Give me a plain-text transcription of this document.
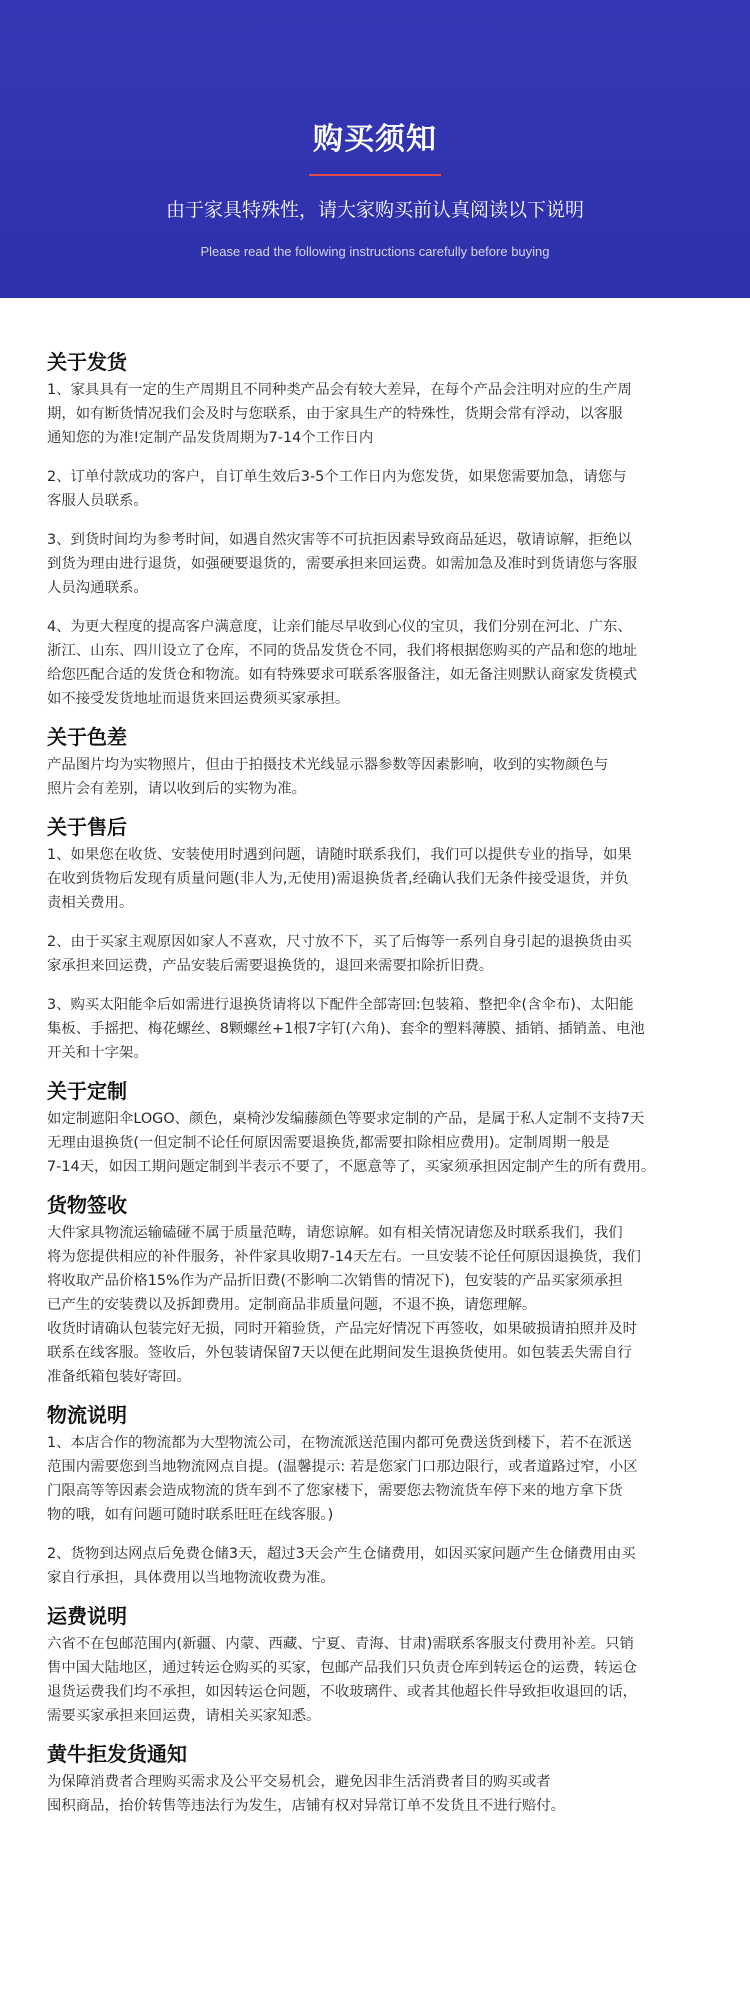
购买须知
由于家具特殊性，请大家购买前认真阅读以下说明
Please read the following instructions carefully before buying
关于发货

1、家具具有一定的生产周期且不同种类产品会有较大差异，在每个产品会注明对应的生产周
期，如有断货情况我们会及时与您联系，由于家具生产的特殊性，货期会常有浮动，以客服
通知您的为准!定制产品发货周期为7-14个工作日内

2、订单付款成功的客户，自订单生效后3-5个工作日内为您发货，如果您需要加急，请您与
客服人员联系。

3、到货时间均为参考时间，如遇自然灾害等不可抗拒因素导致商品延迟，敬请谅解，拒绝以
到货为理由进行退货，如强硬要退货的，需要承担来回运费。如需加急及准时到货请您与客服
人员沟通联系。

4、为更大程度的提高客户满意度，让亲们能尽早收到心仪的宝贝，我们分别在河北、广东、
浙江、山东、四川设立了仓库，不同的货品发货仓不同，我们将根据您购买的产品和您的地址
给您匹配合适的发货仓和物流。如有特殊要求可联系客服备注，如无备注则默认商家发货模式
如不接受发货地址而退货来回运费须买家承担。

关于色差

产品图片均为实物照片，但由于拍摄技术光线显示器参数等因素影响，收到的实物颜色与
照片会有差别，请以收到后的实物为准。

关于售后

1、如果您在收货、安装使用时遇到问题，请随时联系我们，我们可以提供专业的指导，如果
在收到货物后发现有质量问题(非人为,无使用)需退换货者,经确认我们无条件接受退货，并负
责相关费用。

2、由于买家主观原因如家人不喜欢，尺寸放不下，买了后悔等一系列自身引起的退换货由买
家承担来回运费，产品安装后需要退换货的，退回来需要扣除折旧费。

3、购买太阳能伞后如需进行退换货请将以下配件全部寄回:包装箱、整把伞(含伞布)、太阳能
集板、手摇把、梅花螺丝、8颗螺丝+1根7字钉(六角)、套伞的塑料薄膜、插销、插销盖、电池
开关和十字架。

关于定制

如定制遮阳伞LOGO、颜色，桌椅沙发编藤颜色等要求定制的产品，是属于私人定制不支持7天
无理由退换货(一但定制不论任何原因需要退换货,都需要扣除相应费用)。定制周期一般是
7-14天，如因工期问题定制到半表示不要了，不愿意等了，买家须承担因定制产生的所有费用。

货物签收

大件家具物流运输磕碰不属于质量范畴，请您谅解。如有相关情况请您及时联系我们，我们
将为您提供相应的补件服务，补件家具收期7-14天左右。一旦安装不论任何原因退换货，我们
将收取产品价格15%作为产品折旧费(不影响二次销售的情况下)，包安装的产品买家须承担
已产生的安装费以及拆卸费用。定制商品非质量问题，不退不换，请您理解。
收货时请确认包装完好无损，同时开箱验货，产品完好情况下再签收，如果破损请拍照并及时
联系在线客服。签收后，外包装请保留7天以便在此期间发生退换货使用。如包装丢失需自行
准备纸箱包装好寄回。

物流说明

1、本店合作的物流都为大型物流公司，在物流派送范围内都可免费送货到楼下，若不在派送
范围内需要您到当地物流网点自提。(温馨提示: 若是您家门口那边限行，或者道路过窄，小区
门限高等等因素会造成物流的货车到不了您家楼下，需要您去物流货车停下来的地方拿下货
物的哦，如有问题可随时联系旺旺在线客服。)

2、货物到达网点后免费仓储3天，超过3天会产生仓储费用，如因买家问题产生仓储费用由买
家自行承担，具体费用以当地物流收费为准。

运费说明

六省不在包邮范围内(新疆、内蒙、西藏、宁夏、青海、甘肃)需联系客服支付费用补差。只销
售中国大陆地区，通过转运仓购买的买家，包邮产品我们只负责仓库到转运仓的运费，转运仓
退货运费我们均不承担，如因转运仓问题，不收玻璃件、或者其他超长件导致拒收退回的话，
需要买家承担来回运费，请相关买家知悉。

黄牛拒发货通知

为保障消费者合理购买需求及公平交易机会，避免因非生活消费者目的购买或者
囤积商品，抬价转售等违法行为发生，店铺有权对异常订单不发货且不进行赔付。
